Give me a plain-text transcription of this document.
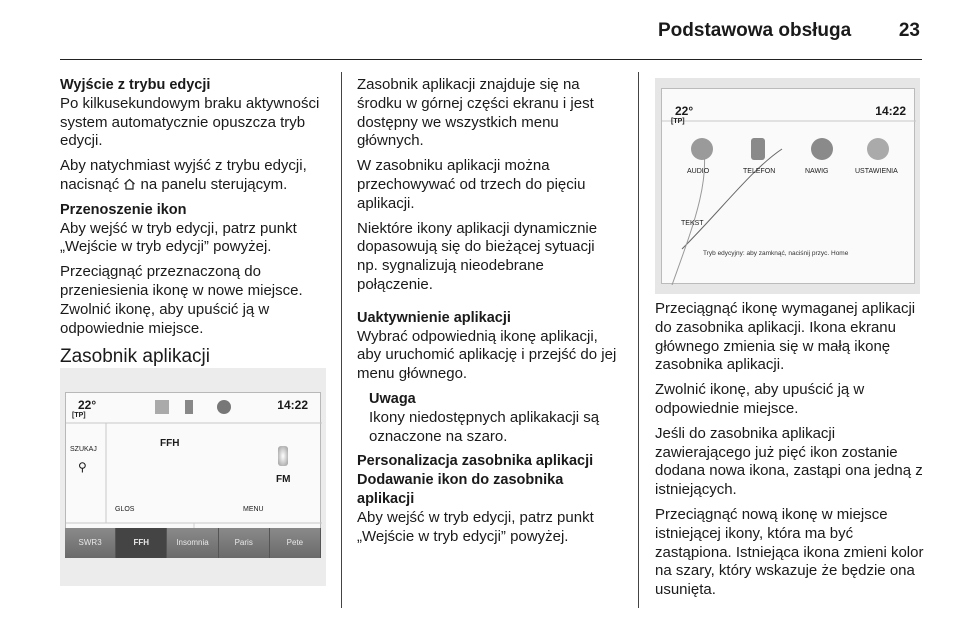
Podstawowa obsługa	23
Wyjście z trybu edycji

Po kilkusekundowym braku aktywności system automatycznie opuszcza tryb edycji.

Aby natychmiast wyjść z trybu edycji, nacisnąć  na panelu sterującym.

Przenoszenie ikon

Aby wejść w tryb edycji, patrz punkt „Wejście w tryb edycji” powyżej.

Przeciągnąć przeznaczoną do przeniesienia ikonę w nowe miejsce. Zwolnić ikonę, aby upuścić ją w odpowiednie miejsce.

Zasobnik aplikacji
22°
[TP]
14:22
SZUKAJ
⚲
FFH
FM
GLOS	MENU
SWR3	FFH	Insomnia	Paris	Pete

Zasobnik aplikacji znajduje się na środku w górnej części ekranu i jest dostępny we wszystkich menu głównych.

W zasobniku aplikacji można przechowywać od trzech do pięciu aplikacji.

Niektóre ikony aplikacji dynamicznie dopasowują się do bieżącej sytuacji np. sygnalizują nieodebrane połączenie.

Uaktywnienie aplikacji

Wybrać odpowiednią ikonę aplikacji, aby uruchomić aplikację i przejść do jej menu głównego.

Uwaga

Ikony niedostępnych aplikakacji są oznaczone na szaro.

Personalizacja zasobnika aplikacji
Dodawanie ikon do zasobnika aplikacji

Aby wejść w tryb edycji, patrz punkt „Wejście w tryb edycji” powyżej.

22°
[TP]
14:22
AUDIO	TELEFON	NAWIG	USTAWIENIA
TEKST
Tryb edycyjny: aby zamknąć, naciśnij przyc. Home

Przeciągnąć ikonę wymaganej aplikacji do zasobnika aplikacji. Ikona ekranu głównego zmienia się w małą ikonę zasobnika aplikacji.

Zwolnić ikonę, aby upuścić ją w odpowiednie miejsce.

Jeśli do zasobnika aplikacji zawierającego już pięć ikon zostanie dodana nowa ikona, zastąpi ona jedną z istniejących.

Przeciągnąć nową ikonę w miejsce istniejącej ikony, która ma być zastąpiona. Istniejąca ikona zmieni kolor na szary, który wskazuje że będzie ona usunięta.
